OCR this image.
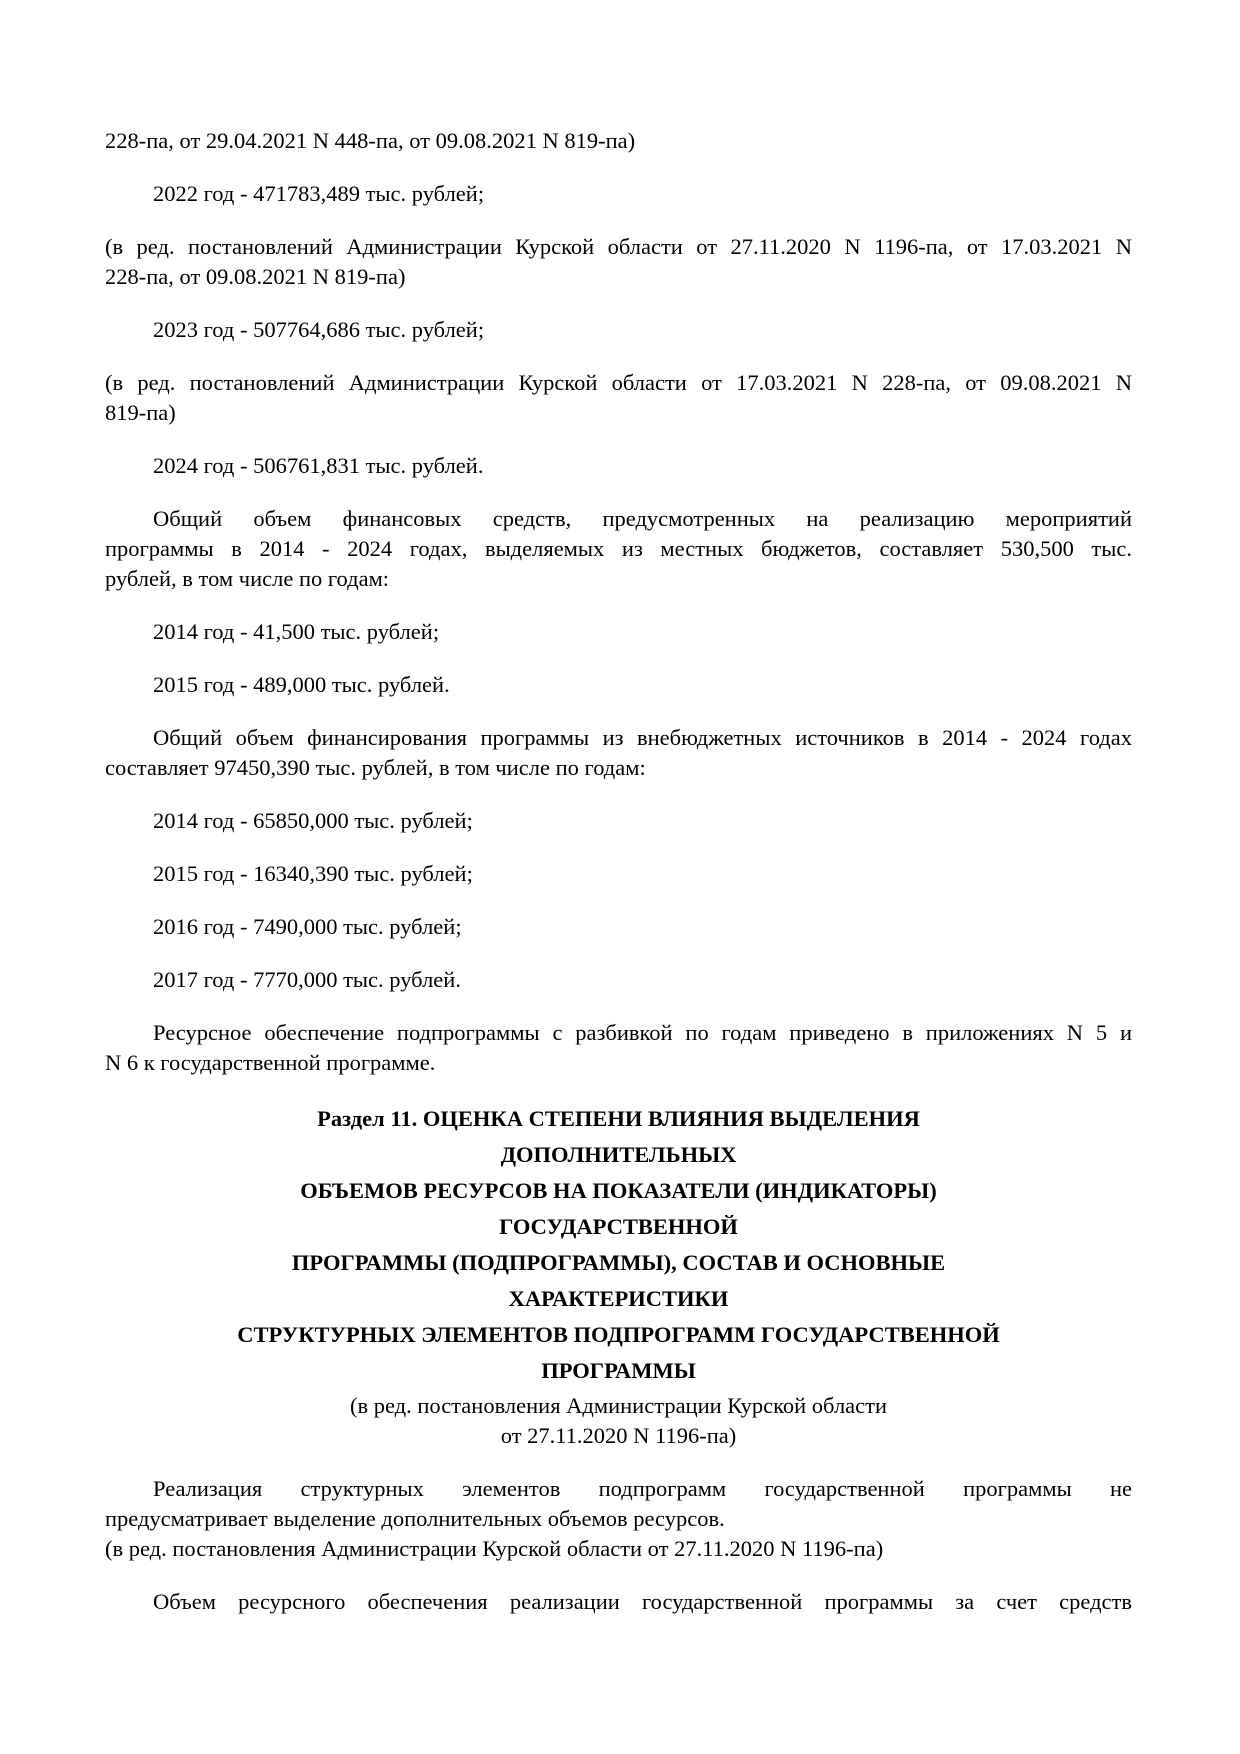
228-па, от 29.04.2021 N 448-па, от 09.08.2021 N 819-па)
2022 год - 471783,489 тыс. рублей;
(в ред. постановлений Администрации Курской области от 27.11.2020 N 1196-па, от 17.03.2021 N
228-па, от 09.08.2021 N 819-па)
2023 год - 507764,686 тыс. рублей;
(в ред. постановлений Администрации Курской области от 17.03.2021 N 228-па, от 09.08.2021 N
819-па)
2024 год - 506761,831 тыс. рублей.
Общий объем финансовых средств, предусмотренных на реализацию мероприятий
программы в 2014 - 2024 годах, выделяемых из местных бюджетов, составляет 530,500 тыс.
рублей, в том числе по годам:
2014 год - 41,500 тыс. рублей;
2015 год - 489,000 тыс. рублей.
Общий объем финансирования программы из внебюджетных источников в 2014 - 2024 годах
составляет 97450,390 тыс. рублей, в том числе по годам:
2014 год - 65850,000 тыс. рублей;
2015 год - 16340,390 тыс. рублей;
2016 год - 7490,000 тыс. рублей;
2017 год - 7770,000 тыс. рублей.
Ресурсное обеспечение подпрограммы с разбивкой по годам приведено в приложениях N 5 и
N 6 к государственной программе.
Раздел 11. ОЦЕНКА СТЕПЕНИ ВЛИЯНИЯ ВЫДЕЛЕНИЯ
ДОПОЛНИТЕЛЬНЫХ
ОБЪЕМОВ РЕСУРСОВ НА ПОКАЗАТЕЛИ (ИНДИКАТОРЫ)
ГОСУДАРСТВЕННОЙ
ПРОГРАММЫ (ПОДПРОГРАММЫ), СОСТАВ И ОСНОВНЫЕ
ХАРАКТЕРИСТИКИ
СТРУКТУРНЫХ ЭЛЕМЕНТОВ ПОДПРОГРАММ ГОСУДАРСТВЕННОЙ
ПРОГРАММЫ
(в ред. постановления Администрации Курской области
от 27.11.2020 N 1196-па)
Реализация структурных элементов подпрограмм государственной программы не
предусматривает выделение дополнительных объемов ресурсов.
(в ред. постановления Администрации Курской области от 27.11.2020 N 1196-па)
Объем ресурсного обеспечения реализации государственной программы за счет средств
